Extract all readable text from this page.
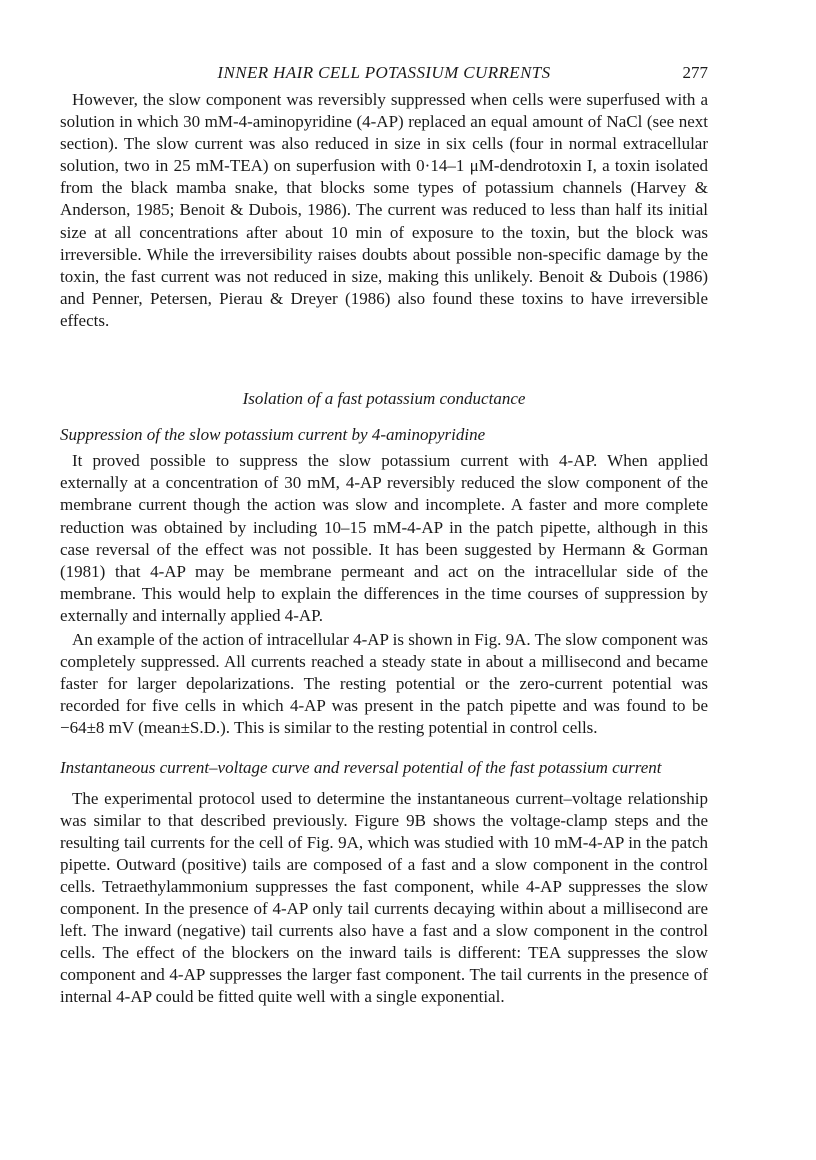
INNER HAIR CELL POTASSIUM CURRENTS	277

However, the slow component was reversibly suppressed when cells were superfused with a solution in which 30 mM-4-aminopyridine (4-AP) replaced an equal amount of NaCl (see next section). The slow current was also reduced in size in six cells (four in normal extracellular solution, two in 25 mM-TEA) on superfusion with 0·14–1 μM-dendrotoxin I, a toxin isolated from the black mamba snake, that blocks some types of potassium channels (Harvey & Anderson, 1985; Benoit & Dubois, 1986). The current was reduced to less than half its initial size at all concentrations after about 10 min of exposure to the toxin, but the block was irreversible. While the irreversibility raises doubts about possible non-specific damage by the toxin, the fast current was not reduced in size, making this unlikely. Benoit & Dubois (1986) and Penner, Petersen, Pierau & Dreyer (1986) also found these toxins to have irreversible effects.

Isolation of a fast potassium conductance
Suppression of the slow potassium current by 4-aminopyridine

It proved possible to suppress the slow potassium current with 4-AP. When applied externally at a concentration of 30 mM, 4-AP reversibly reduced the slow component of the membrane current though the action was slow and incomplete. A faster and more complete reduction was obtained by including 10–15 mM-4-AP in the patch pipette, although in this case reversal of the effect was not possible. It has been suggested by Hermann & Gorman (1981) that 4-AP may be membrane permeant and act on the intracellular side of the membrane. This would help to explain the differences in the time courses of suppression by externally and internally applied 4-AP.

An example of the action of intracellular 4-AP is shown in Fig. 9A. The slow component was completely suppressed. All currents reached a steady state in about a millisecond and became faster for larger depolarizations. The resting potential or the zero-current potential was recorded for five cells in which 4-AP was present in the patch pipette and was found to be −64±8 mV (mean±S.D.). This is similar to the resting potential in control cells.

Instantaneous current–voltage curve and reversal potential of the fast potassium current

The experimental protocol used to determine the instantaneous current–voltage relationship was similar to that described previously. Figure 9B shows the voltage-clamp steps and the resulting tail currents for the cell of Fig. 9A, which was studied with 10 mM-4-AP in the patch pipette. Outward (positive) tails are composed of a fast and a slow component in the control cells. Tetraethylammonium suppresses the fast component, while 4-AP suppresses the slow component. In the presence of 4-AP only tail currents decaying within about a millisecond are left. The inward (negative) tail currents also have a fast and a slow component in the control cells. The effect of the blockers on the inward tails is different: TEA suppresses the slow component and 4-AP suppresses the larger fast component. The tail currents in the presence of internal 4-AP could be fitted quite well with a single exponential.
